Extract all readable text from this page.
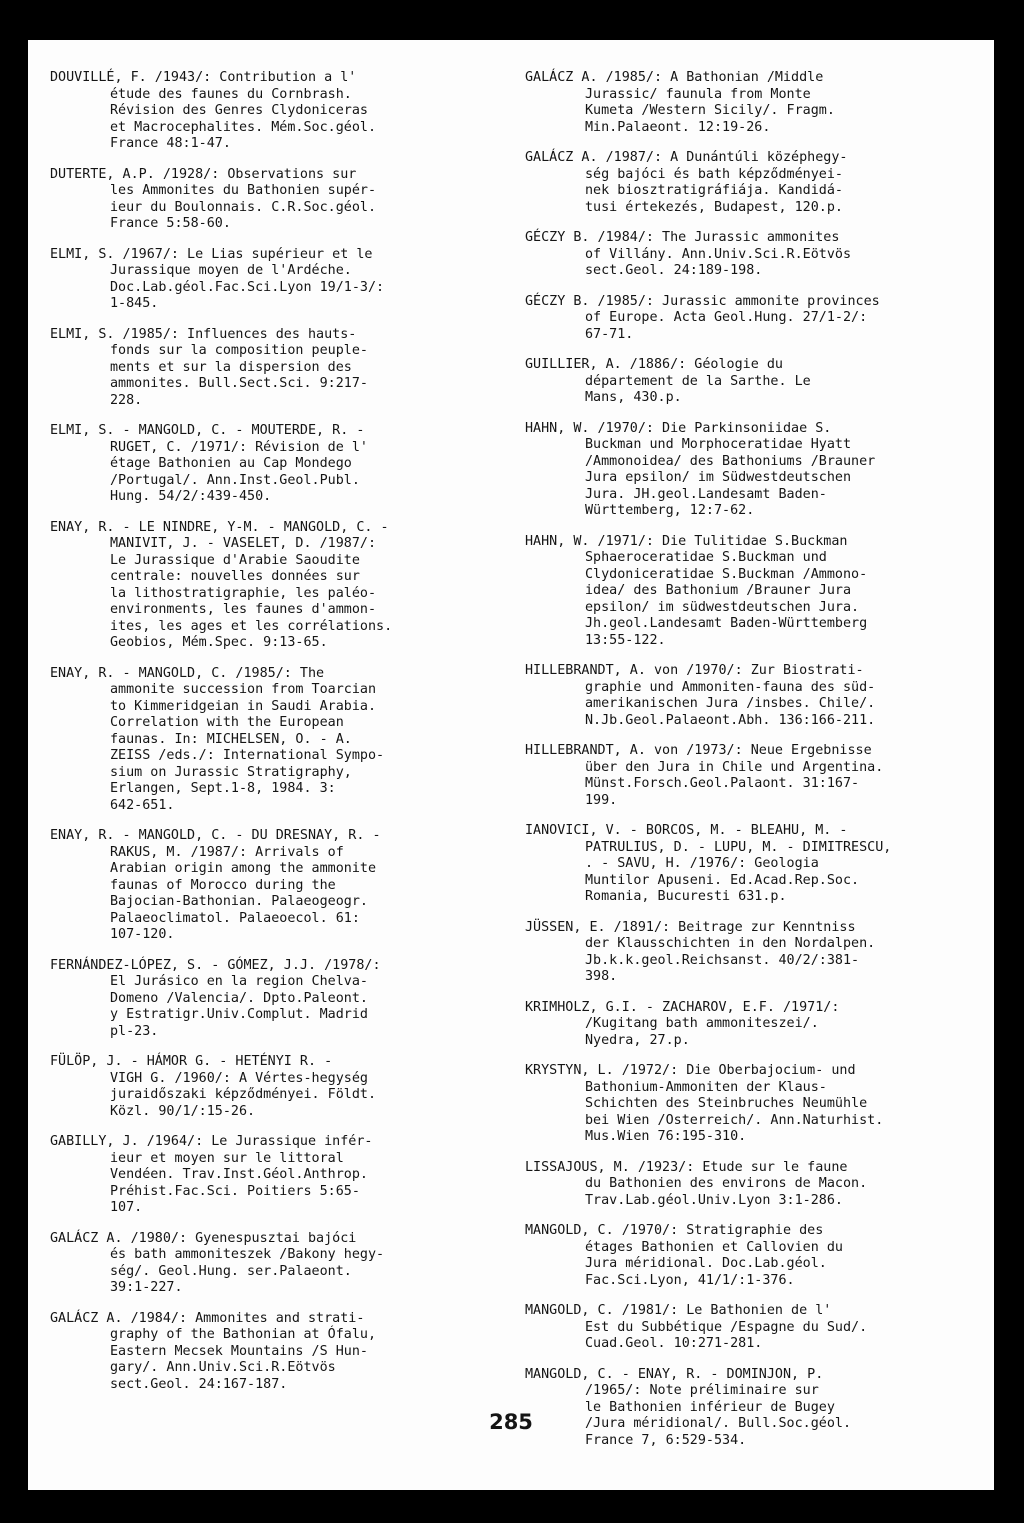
DOUVILLÉ, F. /1943/: Contribution a l'
étude des faunes du Cornbrash.
Révision des Genres Clydoniceras
et Macrocephalites. Mém.Soc.géol.
France 48:1-47.
DUTERTE, A.P. /1928/: Observations sur
les Ammonites du Bathonien supér-
ieur du Boulonnais. C.R.Soc.géol.
France 5:58-60.
ELMI, S. /1967/: Le Lias supérieur et le
Jurassique moyen de l'Ardéche.
Doc.Lab.géol.Fac.Sci.Lyon 19/1-3/:
1-845.
ELMI, S. /1985/: Influences des hauts-
fonds sur la composition peuple-
ments et sur la dispersion des
ammonites. Bull.Sect.Sci. 9:217-
228.
ELMI, S. - MANGOLD, C. - MOUTERDE, R. -
RUGET, C. /1971/: Révision de l'
étage Bathonien au Cap Mondego
/Portugal/. Ann.Inst.Geol.Publ.
Hung. 54/2/:439-450.
ENAY, R. - LE NINDRE, Y-M. - MANGOLD, C. -
MANIVIT, J. - VASELET, D. /1987/:
Le Jurassique d'Arabie Saoudite
centrale: nouvelles données sur
la lithostratigraphie, les paléo-
environments, les faunes d'ammon-
ites, les ages et les corrélations.
Geobios, Mém.Spec. 9:13-65.
ENAY, R. - MANGOLD, C. /1985/: The
ammonite succession from Toarcian
to Kimmeridgeian in Saudi Arabia.
Correlation with the European
faunas. In: MICHELSEN, O. - A.
ZEISS /eds./: International Sympo-
sium on Jurassic Stratigraphy,
Erlangen, Sept.1-8, 1984. 3:
642-651.
ENAY, R. - MANGOLD, C. - DU DRESNAY, R. -
RAKUS, M. /1987/: Arrivals of
Arabian origin among the ammonite
faunas of Morocco during the
Bajocian-Bathonian. Palaeogeogr.
Palaeoclimatol. Palaeoecol. 61:
107-120.
FERNÁNDEZ-LÓPEZ, S. - GÓMEZ, J.J. /1978/:
El Jurásico en la region Chelva-
Domeno /Valencia/. Dpto.Paleont.
y Estratigr.Univ.Complut. Madrid
pl-23.
FÜLÖP, J. - HÁMOR G. - HETÉNYI R. -
VIGH G. /1960/: A Vértes-hegység
juraidőszaki képződményei. Földt.
Közl. 90/1/:15-26.
GABILLY, J. /1964/: Le Jurassique infér-
ieur et moyen sur le littoral
Vendéen. Trav.Inst.Géol.Anthrop.
Préhist.Fac.Sci. Poitiers 5:65-
107.
GALÁCZ A. /1980/: Gyenespusztai bajóci
és bath ammoniteszek /Bakony hegy-
ség/. Geol.Hung. ser.Palaeont.
39:1-227.
GALÁCZ A. /1984/: Ammonites and strati-
graphy of the Bathonian at Ófalu,
Eastern Mecsek Mountains /S Hun-
gary/. Ann.Univ.Sci.R.Eötvös
sect.Geol. 24:167-187.
GALÁCZ A. /1985/: A Bathonian /Middle
Jurassic/ faunula from Monte
Kumeta /Western Sicily/. Fragm.
Min.Palaeont. 12:19-26.
GALÁCZ A. /1987/: A Dunántúli középhegy-
ség bajóci és bath képződményei-
nek biosztratigráfiája. Kandidá-
tusi értekezés, Budapest, 120.p.
GÉCZY B. /1984/: The Jurassic ammonites
of Villány. Ann.Univ.Sci.R.Eötvös
sect.Geol. 24:189-198.
GÉCZY B. /1985/: Jurassic ammonite provinces
of Europe. Acta Geol.Hung. 27/1-2/:
67-71.
GUILLIER, A. /1886/: Géologie du
département de la Sarthe. Le
Mans, 430.p.
HAHN, W. /1970/: Die Parkinsoniidae S.
Buckman und Morphoceratidae Hyatt
/Ammonoidea/ des Bathoniums /Brauner
Jura epsilon/ im Südwestdeutschen
Jura. JH.geol.Landesamt Baden-
Württemberg, 12:7-62.
HAHN, W. /1971/: Die Tulitidae S.Buckman
Sphaeroceratidae S.Buckman und
Clydoniceratidae S.Buckman /Ammono-
idea/ des Bathonium /Brauner Jura
epsilon/ im südwestdeutschen Jura.
Jh.geol.Landesamt Baden-Württemberg
13:55-122.
HILLEBRANDT, A. von /1970/: Zur Biostrati-
graphie und Ammoniten-fauna des süd-
amerikanischen Jura /insbes. Chile/.
N.Jb.Geol.Palaeont.Abh. 136:166-211.
HILLEBRANDT, A. von /1973/: Neue Ergebnisse
über den Jura in Chile und Argentina.
Münst.Forsch.Geol.Palaont. 31:167-
199.
IANOVICI, V. - BORCOS, M. - BLEAHU, M. -
PATRULIUS, D. - LUPU, M. - DIMITRESCU,
. - SAVU, H. /1976/: Geologia
Muntilor Apuseni. Ed.Acad.Rep.Soc.
Romania, Bucuresti 631.p.
JÜSSEN, E. /1891/: Beitrage zur Kenntniss
der Klausschichten in den Nordalpen.
Jb.k.k.geol.Reichsanst. 40/2/:381-
398.
KRIMHOLZ, G.I. - ZACHAROV, E.F. /1971/:
/Kugitang bath ammoniteszei/.
Nyedra, 27.p.
KRYSTYN, L. /1972/: Die Oberbajocium- und
Bathonium-Ammoniten der Klaus-
Schichten des Steinbruches Neumühle
bei Wien /Osterreich/. Ann.Naturhist.
Mus.Wien 76:195-310.
LISSAJOUS, M. /1923/: Etude sur le faune
du Bathonien des environs de Macon.
Trav.Lab.géol.Univ.Lyon 3:1-286.
MANGOLD, C. /1970/: Stratigraphie des
étages Bathonien et Callovien du
Jura méridional. Doc.Lab.géol.
Fac.Sci.Lyon, 41/1/:1-376.
MANGOLD, C. /1981/: Le Bathonien de l'
Est du Subbétique /Espagne du Sud/.
Cuad.Geol. 10:271-281.
MANGOLD, C. - ENAY, R. - DOMINJON, P.
/1965/: Note préliminaire sur
le Bathonien inférieur de Bugey
/Jura méridional/. Bull.Soc.géol.
France 7, 6:529-534.
285
